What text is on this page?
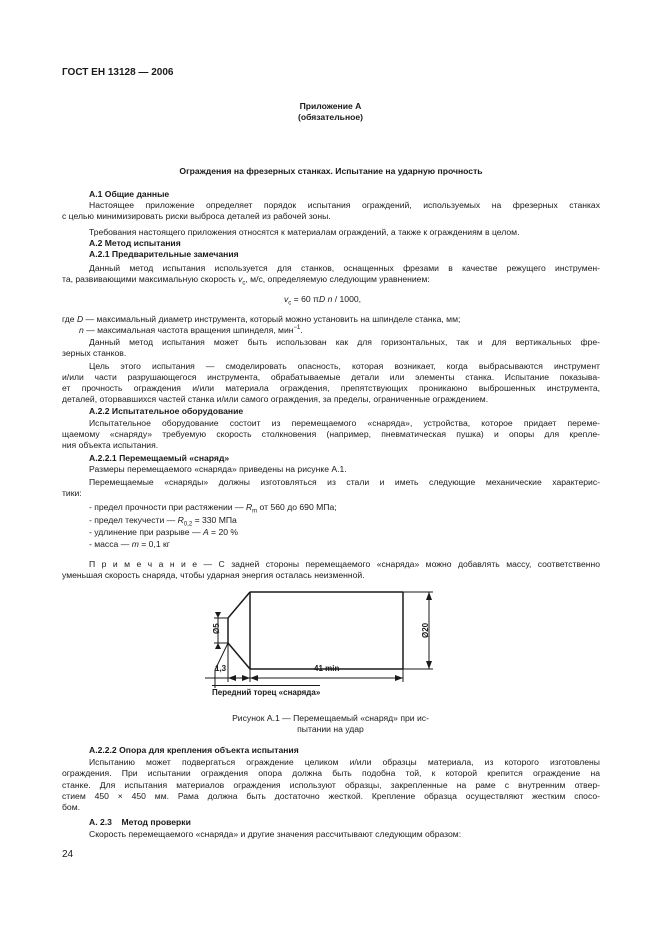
ГОСТ ЕН 13128 — 2006
Приложение А
(обязательное)
Ограждения на фрезерных станках. Испытание на ударную прочность
А.1 Общие данные
Настоящее приложение определяет порядок испытания ограждений, используемых на фрезерных станках
с целью минимизировать риски выброса деталей из рабочей зоны.
Требования настоящего приложения относятся к материалам ограждений, а также к ограждениям в целом.
А.2 Метод испытания
А.2.1 Предварительные замечания
Данный метод испытания используется для станков, оснащенных фрезами в качестве режущего инструмен-
та, развивающими максимальную скорость $v_c$, м/с, определяемую следующим уравнением:
$v_c = 60$ πD n / 1000,
где D — максимальный диаметр инструмента, который можно установить на шпинделе станка, мм;
n — максимальная частота вращения шпинделя, мин$^{-1}$.
Данный метод испытания может быть использован как для горизонтальных, так и для вертикальных фре-
зерных станков.
Цель этого испытания — смоделировать опасность, которая возникает, когда выбрасываются инструмент
и/или части разрушающегося инструмента, обрабатываемые детали или элементы станка. Испытание показыва-
ет прочность ограждения и/или материала ограждения, препятствующих проникаюно выброшенных инструмента,
деталей, оторвавшихся частей станка и/или самого ограждения, за пределы, ограниченные ограждением.
А.2.2 Испытательное оборудование
Испытательное оборудование состоит из перемещаемого «снаряда», устройства, которое придает переме-
щаемому «снаряду» требуемую скорость столкновения (например, пневматическая пушка) и опоры для крепле-
ния объекта испытания.
А.2.2.1 Перемещаемый «снаряд»
Размеры перемещаемого «снаряда» приведены на рисунке А.1.
Перемещаемые «снаряды» должны изготовляться из стали и иметь следующие механические характерис-
тики:
- предел прочности при растяжении — $R_m$ от 560 до 690 МПа;
- предел текучести — $R_{0,2} = 330$ МПа
- удлинение при разрыве — A = 20 %
- масса — m = 0,1 кг
П р и м е ч а н и е — С задней стороны перемещаемого «снаряда» можно добавлять массу, соответственно
уменьшая скорость снаряда, чтобы ударная энергия осталась неизменной.
Ø5	Ø20
1,3	41 min
Передний торец «снаряда»
Рисунок А.1 — Перемещаемый «снаряд» при ис-
пытании на удар
А.2.2.2 Опора для крепления объекта испытания
Испытанию может подвергаться ограждение целиком и/или образцы материала, из которого изготовлены
ограждения. При испытании ограждения опора должна быть подобна той, к которой крепится ограждение на
станке. Для испытания материалов ограждения используют образцы, закрепленные на раме с внутренним отвер-
стием 450 × 450 мм. Рама должна быть достаточно жесткой. Крепление образца осуществляют жестким спосо-
бом.
А. 2.3    Метод проверки
Скорость перемещаемого «снаряда» и другие значения рассчитывают следующим образом:
24
